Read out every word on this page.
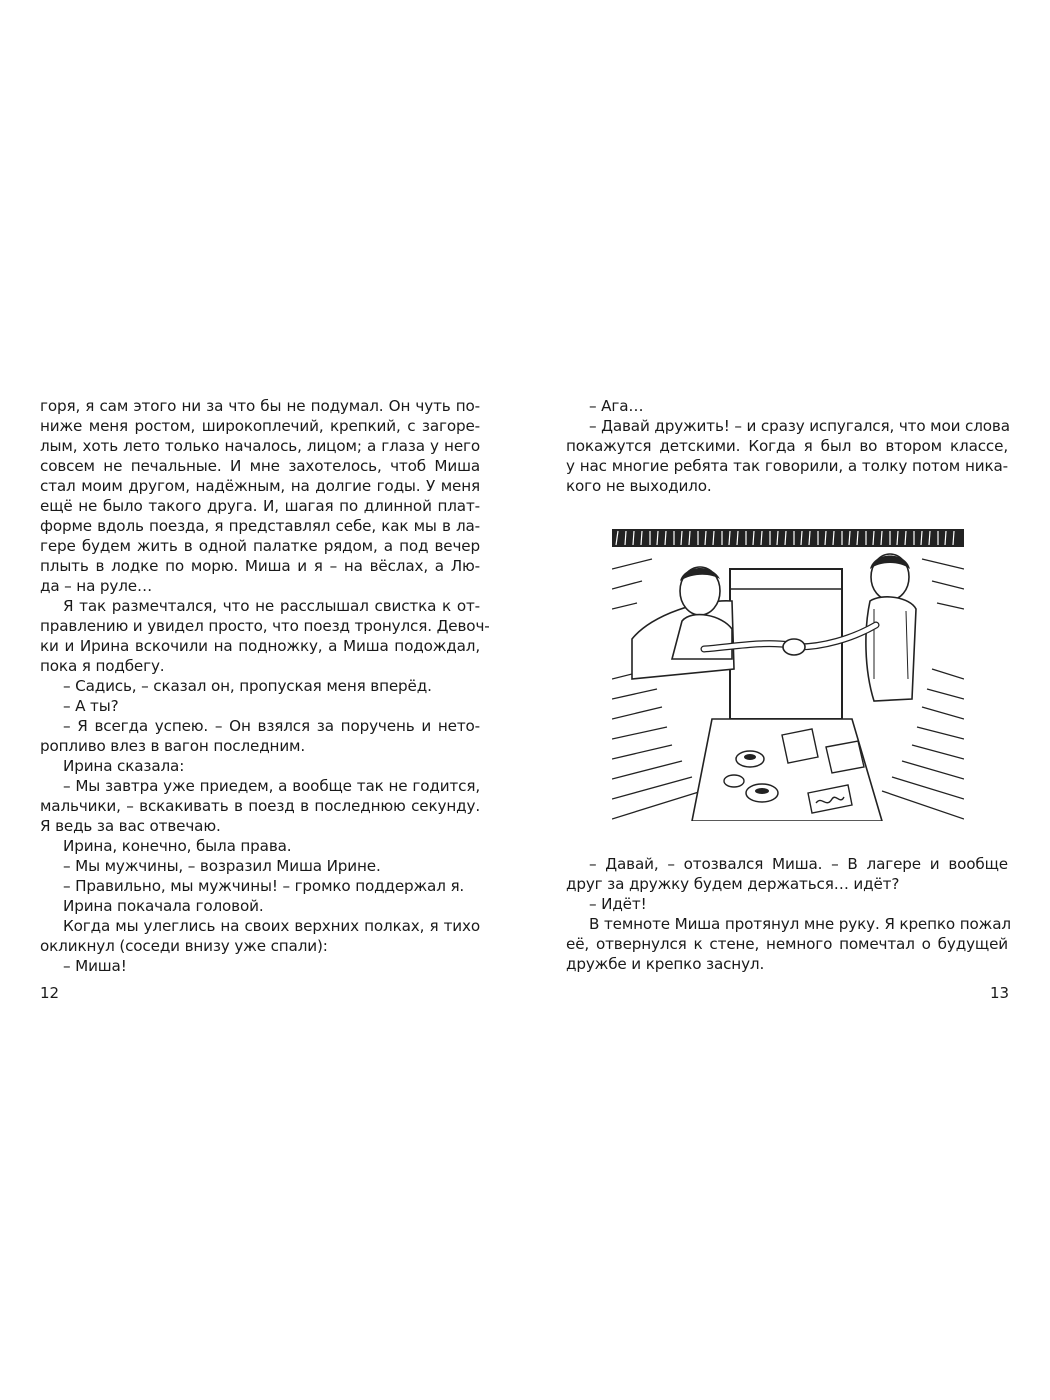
горя, я сам этого ни за что бы не подумал. Он чуть по-
ниже меня ростом, широкоплечий, крепкий, с загоре-
лым, хоть лето только началось, лицом; а глаза у него
совсем не печальные. И мне захотелось, чтоб Миша
стал моим другом, надёжным, на долгие годы. У меня
ещё не было такого друга. И, шагая по длинной плат-
форме вдоль поезда, я представлял себе, как мы в ла-
гере будем жить в одной палатке рядом, а под вечер
плыть в лодке по морю. Миша и я – на вёслах, а Лю-
да – на руле…
Я так размечтался, что не расслышал свистка к от-
правлению и увидел просто, что поезд тронулся. Девоч-
ки и Ирина вскочили на подножку, а Миша подождал,
пока я подбегу.
– Садись, – сказал он, пропуская меня вперёд.
– А ты?
– Я всегда успею. – Он взялся за поручень и нето-
ропливо влез в вагон последним.
Ирина сказала:
– Мы завтра уже приедем, а вообще так не годится,
мальчики, – вскакивать в поезд в последнюю секунду.
Я ведь за вас отвечаю.
Ирина, конечно, была права.
– Мы мужчины, – возразил Миша Ирине.
– Правильно, мы мужчины! – громко поддержал я.
Ирина покачала головой.
Когда мы улеглись на своих верхних полках, я тихо
окликнул (соседи внизу уже спали):
– Миша!
12
– Ага…
– Давай дружить! – и сразу испугался, что мои слова
покажутся детскими. Когда я был во втором классе,
у нас многие ребята так говорили, а толку потом ника-
кого не выходило.
– Давай, – отозвался Миша. – В лагере и вообще
друг за дружку будем держаться… идёт?
– Идёт!
В темноте Миша протянул мне руку. Я крепко пожал
её, отвернулся к стене, немного помечтал о будущей
дружбе и крепко заснул.
13
